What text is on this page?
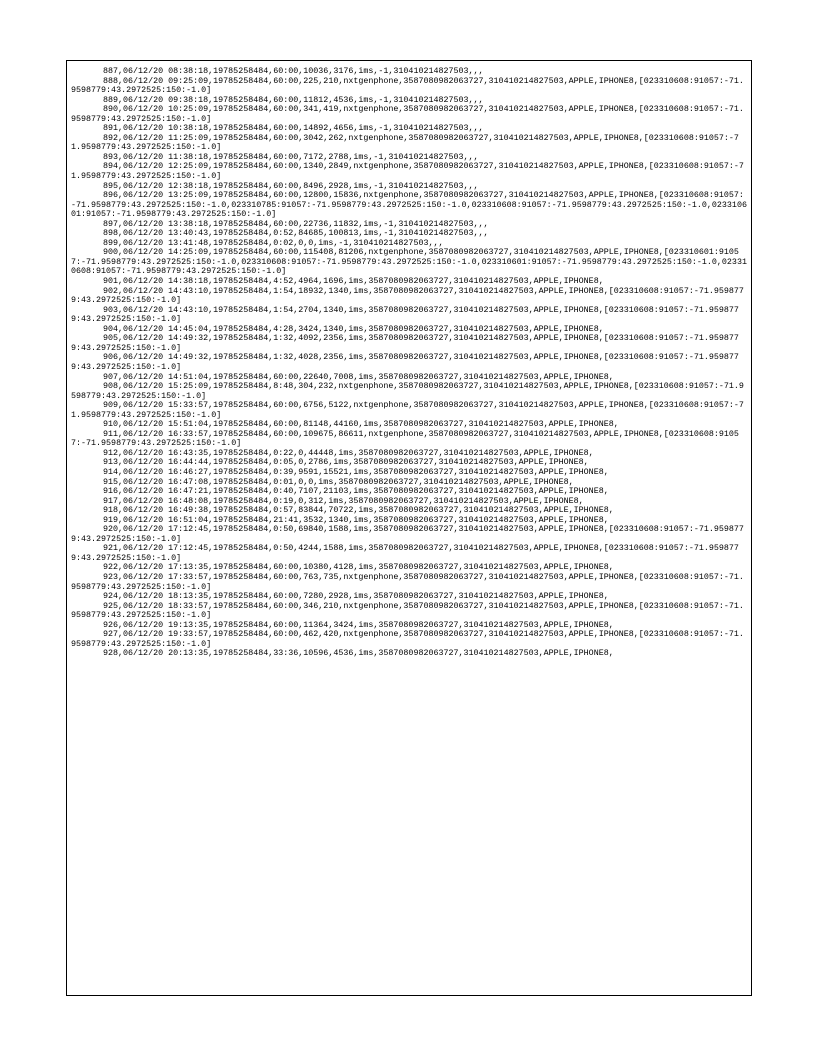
887,06/12/20 08:38:18,19785258484,60:00,10036,3176,ims,-1,310410214827503,,,

888,06/12/20 09:25:09,19785258484,60:00,225,210,nxtgenphone,3587080982063727,310410214827503,APPLE,IPHONE8,[023310608:91057:-71.9598779:43.2972525:150:-1.0]

889,06/12/20 09:38:18,19785258484,60:00,11812,4536,ims,-1,310410214827503,,,

890,06/12/20 10:25:09,19785258484,60:00,341,419,nxtgenphone,3587080982063727,310410214827503,APPLE,IPHONE8,[023310608:91057:-71.9598779:43.2972525:150:-1.0]

891,06/12/20 10:38:18,19785258484,60:00,14892,4656,ims,-1,310410214827503,,,

892,06/12/20 11:25:09,19785258484,60:00,3042,262,nxtgenphone,3587080982063727,310410214827503,APPLE,IPHONE8,[023310608:91057:-71.9598779:43.2972525:150:-1.0]

893,06/12/20 11:38:18,19785258484,60:00,7172,2788,ims,-1,310410214827503,,,

894,06/12/20 12:25:09,19785258484,60:00,1340,2849,nxtgenphone,3587080982063727,310410214827503,APPLE,IPHONE8,[023310608:91057:-71.9598779:43.2972525:150:-1.0]

895,06/12/20 12:38:18,19785258484,60:00,8496,2928,ims,-1,310410214827503,,,

896,06/12/20 13:25:09,19785258484,60:00,12800,15836,nxtgenphone,3587080982063727,310410214827503,APPLE,IPHONE8,[023310608:91057:-71.9598779:43.2972525:150:-1.0,023310785:91057:-71.9598779:43.2972525:150:-1.0,023310608:91057:-71.9598779:43.2972525:150:-1.0,023310601:91057:-71.9598779:43.2972525:150:-1.0]

897,06/12/20 13:38:18,19785258484,60:00,22736,11832,ims,-1,310410214827503,,,

898,06/12/20 13:40:43,19785258484,0:52,84685,100813,ims,-1,310410214827503,,,

899,06/12/20 13:41:48,19785258484,0:02,0,0,ims,-1,310410214827503,,,

900,06/12/20 14:25:09,19785258484,60:00,115408,81206,nxtgenphone,3587080982063727,310410214827503,APPLE,IPHONE8,[023310601:91057:-71.9598779:43.2972525:150:-1.0,023310608:91057:-71.9598779:43.2972525:150:-1.0,023310601:91057:-71.9598779:43.2972525:150:-1.0,023310608:91057:-71.9598779:43.2972525:150:-1.0]

901,06/12/20 14:38:18,19785258484,4:52,4964,1696,ims,3587080982063727,310410214827503,APPLE,IPHONE8,

902,06/12/20 14:43:10,19785258484,1:54,18932,1340,ims,3587080982063727,310410214827503,APPLE,IPHONE8,[023310608:91057:-71.9598779:43.2972525:150:-1.0]

903,06/12/20 14:43:10,19785258484,1:54,2704,1340,ims,3587080982063727,310410214827503,APPLE,IPHONE8,[023310608:91057:-71.9598779:43.2972525:150:-1.0]

904,06/12/20 14:45:04,19785258484,4:28,3424,1340,ims,3587080982063727,310410214827503,APPLE,IPHONE8,

905,06/12/20 14:49:32,19785258484,1:32,4092,2356,ims,3587080982063727,310410214827503,APPLE,IPHONE8,[023310608:91057:-71.9598779:43.2972525:150:-1.0]

906,06/12/20 14:49:32,19785258484,1:32,4028,2356,ims,3587080982063727,310410214827503,APPLE,IPHONE8,[023310608:91057:-71.9598779:43.2972525:150:-1.0]

907,06/12/20 14:51:04,19785258484,60:00,22640,7008,ims,3587080982063727,310410214827503,APPLE,IPHONE8,

908,06/12/20 15:25:09,19785258484,8:48,304,232,nxtgenphone,3587080982063727,310410214827503,APPLE,IPHONE8,[023310608:91057:-71.9598779:43.2972525:150:-1.0]

909,06/12/20 15:33:57,19785258484,60:00,6756,5122,nxtgenphone,3587080982063727,310410214827503,APPLE,IPHONE8,[023310608:91057:-71.9598779:43.2972525:150:-1.0]

910,06/12/20 15:51:04,19785258484,60:00,81148,44160,ims,3587080982063727,310410214827503,APPLE,IPHONE8,

911,06/12/20 16:33:57,19785258484,60:00,109675,86611,nxtgenphone,3587080982063727,310410214827503,APPLE,IPHONE8,[023310608:91057:-71.9598779:43.2972525:150:-1.0]

912,06/12/20 16:43:35,19785258484,0:22,0,44448,ims,3587080982063727,310410214827503,APPLE,IPHONE8,

913,06/12/20 16:44:44,19785258484,0:05,0,2786,ims,3587080982063727,310410214827503,APPLE,IPHONE8,

914,06/12/20 16:46:27,19785258484,0:39,9591,15521,ims,3587080982063727,310410214827503,APPLE,IPHONE8,

915,06/12/20 16:47:08,19785258484,0:01,0,0,ims,3587080982063727,310410214827503,APPLE,IPHONE8,

916,06/12/20 16:47:21,19785258484,0:40,7107,21103,ims,3587080982063727,310410214827503,APPLE,IPHONE8,

917,06/12/20 16:48:08,19785258484,0:19,0,312,ims,3587080982063727,310410214827503,APPLE,IPHONE8,

918,06/12/20 16:49:38,19785258484,0:57,83844,70722,ims,3587080982063727,310410214827503,APPLE,IPHONE8,

919,06/12/20 16:51:04,19785258484,21:41,3532,1340,ims,3587080982063727,310410214827503,APPLE,IPHONE8,

920,06/12/20 17:12:45,19785258484,0:50,69840,1588,ims,3587080982063727,310410214827503,APPLE,IPHONE8,[023310608:91057:-71.9598779:43.2972525:150:-1.0]

921,06/12/20 17:12:45,19785258484,0:50,4244,1588,ims,3587080982063727,310410214827503,APPLE,IPHONE8,[023310608:91057:-71.9598779:43.2972525:150:-1.0]

922,06/12/20 17:13:35,19785258484,60:00,10380,4128,ims,3587080982063727,310410214827503,APPLE,IPHONE8,

923,06/12/20 17:33:57,19785258484,60:00,763,735,nxtgenphone,3587080982063727,310410214827503,APPLE,IPHONE8,[023310608:91057:-71.9598779:43.2972525:150:-1.0]

924,06/12/20 18:13:35,19785258484,60:00,7280,2928,ims,3587080982063727,310410214827503,APPLE,IPHONE8,

925,06/12/20 18:33:57,19785258484,60:00,346,210,nxtgenphone,3587080982063727,310410214827503,APPLE,IPHONE8,[023310608:91057:-71.9598779:43.2972525:150:-1.0]

926,06/12/20 19:13:35,19785258484,60:00,11364,3424,ims,3587080982063727,310410214827503,APPLE,IPHONE8,

927,06/12/20 19:33:57,19785258484,60:00,462,420,nxtgenphone,3587080982063727,310410214827503,APPLE,IPHONE8,[023310608:91057:-71.9598779:43.2972525:150:-1.0]

928,06/12/20 20:13:35,19785258484,33:36,10596,4536,ims,3587080982063727,310410214827503,APPLE,IPHONE8,
